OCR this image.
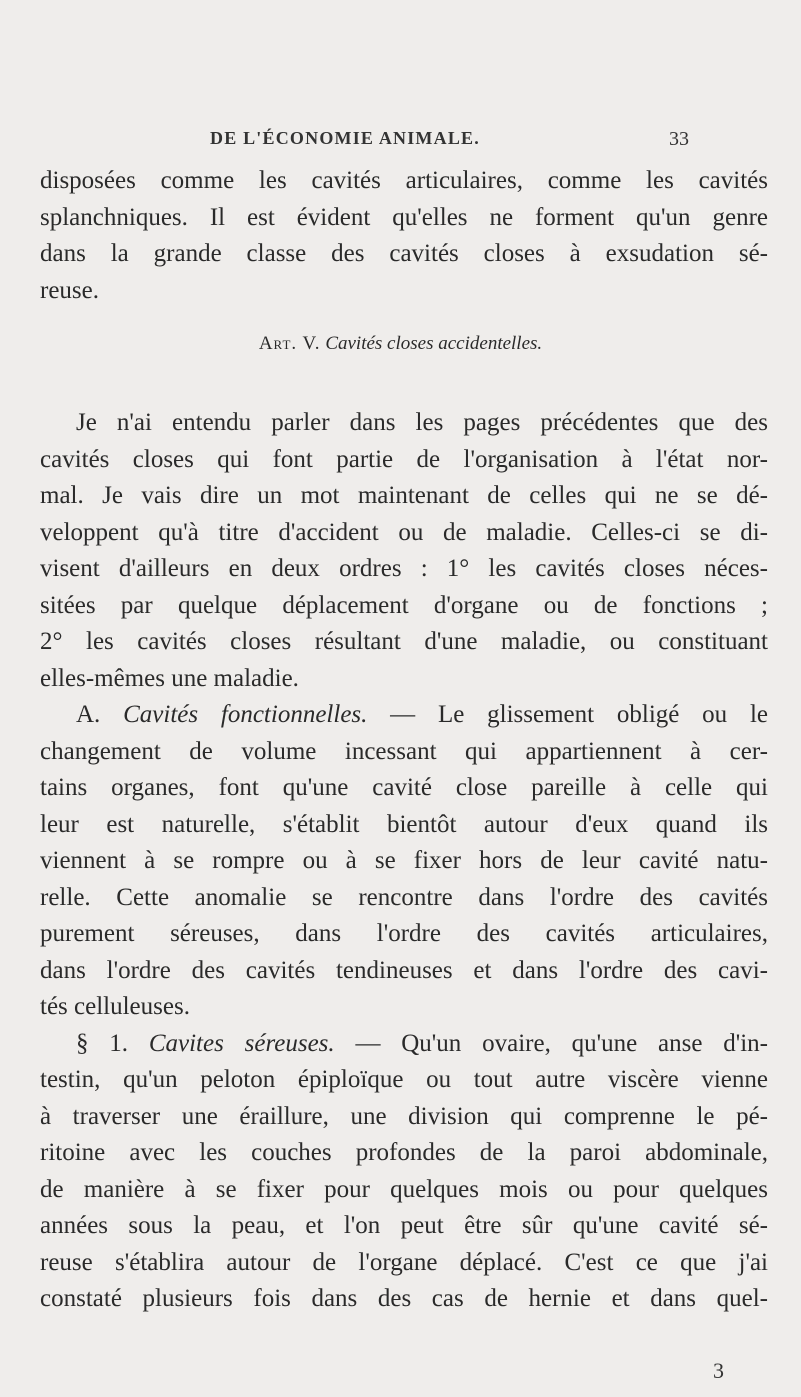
DE L'ÉCONOMIE ANIMALE.	33
disposées comme les cavités articulaires, comme les cavités
splanchniques. Il est évident qu'elles ne forment qu'un genre
dans la grande classe des cavités closes à exsudation sé-
reuse.
Art. V. Cavités closes accidentelles.
Je n'ai entendu parler dans les pages précédentes que des
cavités closes qui font partie de l'organisation à l'état nor-
mal. Je vais dire un mot maintenant de celles qui ne se dé-
veloppent qu'à titre d'accident ou de maladie. Celles-ci se di-
visent d'ailleurs en deux ordres : 1° les cavités closes néces-
sitées par quelque déplacement d'organe ou de fonctions ;
2° les cavités closes résultant d'une maladie, ou constituant
elles-mêmes une maladie.
A. Cavités fonctionnelles. — Le glissement obligé ou le
changement de volume incessant qui appartiennent à cer-
tains organes, font qu'une cavité close pareille à celle qui
leur est naturelle, s'établit bientôt autour d'eux quand ils
viennent à se rompre ou à se fixer hors de leur cavité natu-
relle. Cette anomalie se rencontre dans l'ordre des cavités
purement séreuses, dans l'ordre des cavités articulaires,
dans l'ordre des cavités tendineuses et dans l'ordre des cavi-
tés celluleuses.
§ 1. Cavites séreuses. — Qu'un ovaire, qu'une anse d'in-
testin, qu'un peloton épiploïque ou tout autre viscère vienne
à traverser une éraillure, une division qui comprenne le pé-
ritoine avec les couches profondes de la paroi abdominale,
de manière à se fixer pour quelques mois ou pour quelques
années sous la peau, et l'on peut être sûr qu'une cavité sé-
reuse s'établira autour de l'organe déplacé. C'est ce que j'ai
constaté plusieurs fois dans des cas de hernie et dans quel-
3
